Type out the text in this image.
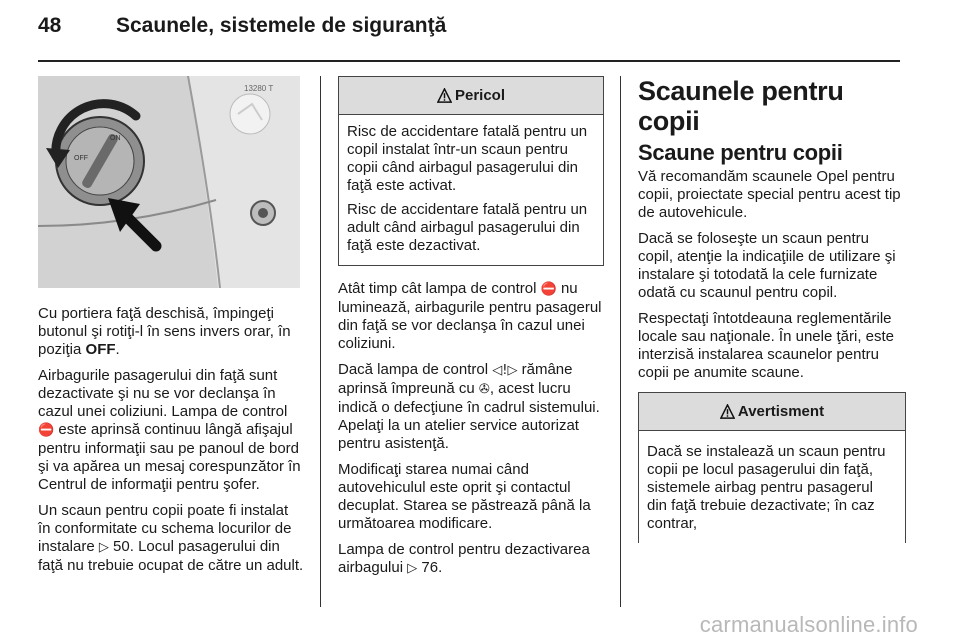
48	Scaunele, sistemele de siguranţă
ON
OFF
13280 T

Cu portiera faţă deschisă, împingeţi butonul şi rotiţi-l în sens invers orar, în poziţia OFF.

Airbagurile pasagerului din faţă sunt dezactivate şi nu se vor declanşa în cazul unei coliziuni. Lampa de control ⛔ este aprinsă continuu lângă afişajul pentru informaţii sau pe panoul de bord şi va apărea un mesaj corespunzător în Centrul de informaţii pentru şofer.

Un scaun pentru copii poate fi instalat în conformitate cu schema locurilor de instalare ▷ 50. Locul pasagerului din faţă nu trebuie ocupat de către un adult.

Pericol

Risc de accidentare fatală pentru un copil instalat într-un scaun pentru copii când airbagul pasagerului din faţă este activat.

Risc de accidentare fatală pentru un adult când airbagul pasagerului din faţă este dezactivat.

Atât timp cât lampa de control ⛔ nu luminează, airbagurile pentru pasagerul din faţă se vor declanşa în cazul unei coliziuni.

Dacă lampa de control ◁!▷ rămâne aprinsă împreună cu ✇, acest lucru indică o defecţiune în cadrul sistemului. Apelaţi la un atelier service autorizat pentru asistenţă.

Modificaţi starea numai când autovehiculul este oprit şi contactul decuplat. Starea se păstrează până la următoarea modificare.

Lampa de control pentru dezactivarea airbagului ▷ 76.

Scaunele pentru copii
Scaune pentru copii

Vă recomandăm scaunele Opel pentru copii, proiectate special pentru acest tip de autovehicule.

Dacă se foloseşte un scaun pentru copil, atenţie la indicaţiile de utilizare şi instalare şi totodată la cele furnizate odată cu scaunul pentru copil.

Respectaţi întotdeauna reglementările locale sau naţionale. În unele ţări, este interzisă instalarea scaunelor pentru copii pe anumite scaune.

Avertisment

Dacă se instalează un scaun pentru copii pe locul pasagerului din faţă, sistemele airbag pentru pasagerul din faţă trebuie dezactivate; în caz contrar,

carmanualsonline.info
